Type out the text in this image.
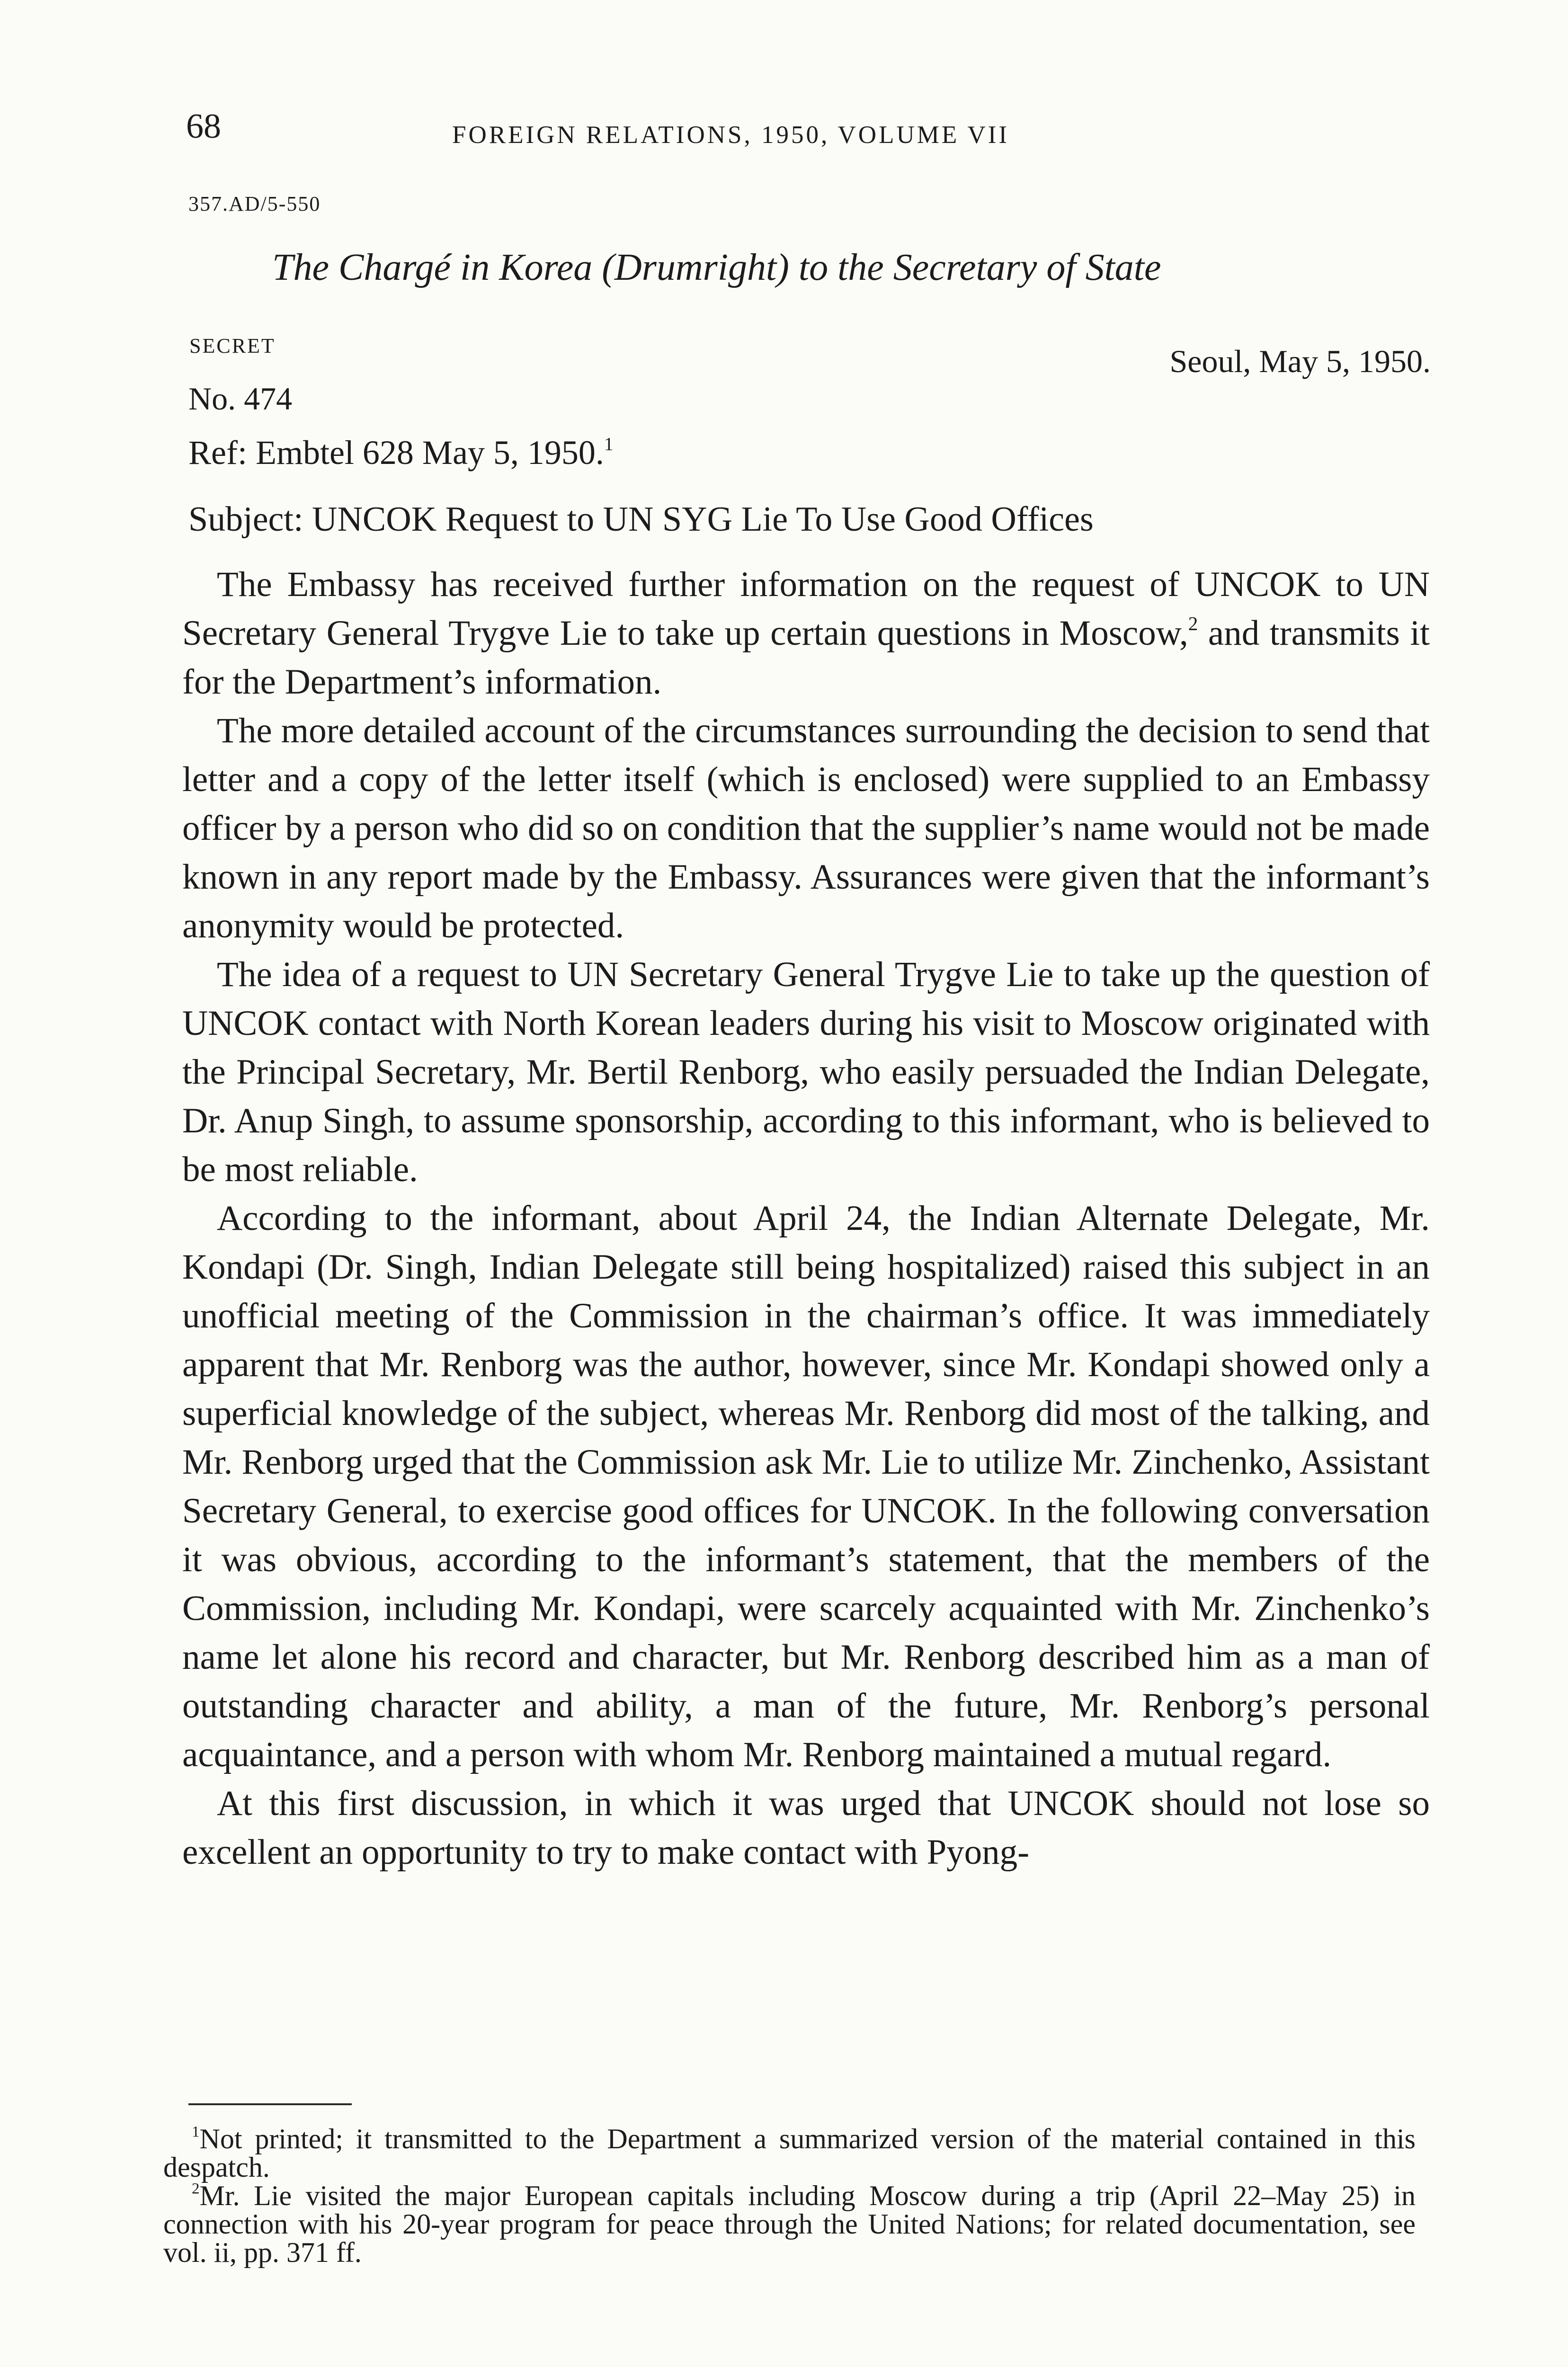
68	FOREIGN RELATIONS, 1950, VOLUME VII
357.AD/5-550
The Chargé in Korea (Drumright) to the Secretary of State
SECRET	Seoul, May 5, 1950.
No. 474
Ref: Embtel 628 May 5, 1950.$^1$
Subject: UNCOK Request to UN SYG Lie To Use Good Offices

The Embassy has received further information on the request of UNCOK to UN Secretary General Trygve Lie to take up certain questions in Moscow,$^2$ and transmits it for the Department’s information.

The more detailed account of the circumstances surrounding the decision to send that letter and a copy of the letter itself (which is enclosed) were supplied to an Embassy officer by a person who did so on condition that the supplier’s name would not be made known in any report made by the Embassy. Assurances were given that the informant’s anonymity would be protected.

The idea of a request to UN Secretary General Trygve Lie to take up the question of UNCOK contact with North Korean leaders during his visit to Moscow originated with the Principal Secretary, Mr. Bertil Renborg, who easily persuaded the Indian Delegate, Dr. Anup Singh, to assume sponsorship, according to this informant, who is believed to be most reliable.

According to the informant, about April 24, the Indian Alternate Delegate, Mr. Kondapi (Dr. Singh, Indian Delegate still being hospitalized) raised this subject in an unofficial meeting of the Commission in the chairman’s office. It was immediately apparent that Mr. Renborg was the author, however, since Mr. Kondapi showed only a superficial knowledge of the subject, whereas Mr. Renborg did most of the talking, and Mr. Renborg urged that the Commission ask Mr. Lie to utilize Mr. Zinchenko, Assistant Secretary General, to exercise good offices for UNCOK. In the following conversation it was obvious, according to the informant’s statement, that the members of the Commission, including Mr. Kondapi, were scarcely acquainted with Mr. Zinchenko’s name let alone his record and character, but Mr. Renborg described him as a man of outstanding character and ability, a man of the future, Mr. Renborg’s personal acquaintance, and a person with whom Mr. Renborg maintained a mutual regard.

At this first discussion, in which it was urged that UNCOK should not lose so excellent an opportunity to try to make contact with Pyong-

$^1$Not printed; it transmitted to the Department a summarized version of the material contained in this despatch.

$^2$Mr. Lie visited the major European capitals including Moscow during a trip (April 22–May 25) in connection with his 20-year program for peace through the United Nations; for related documentation, see vol. ii, pp. 371 ff.
